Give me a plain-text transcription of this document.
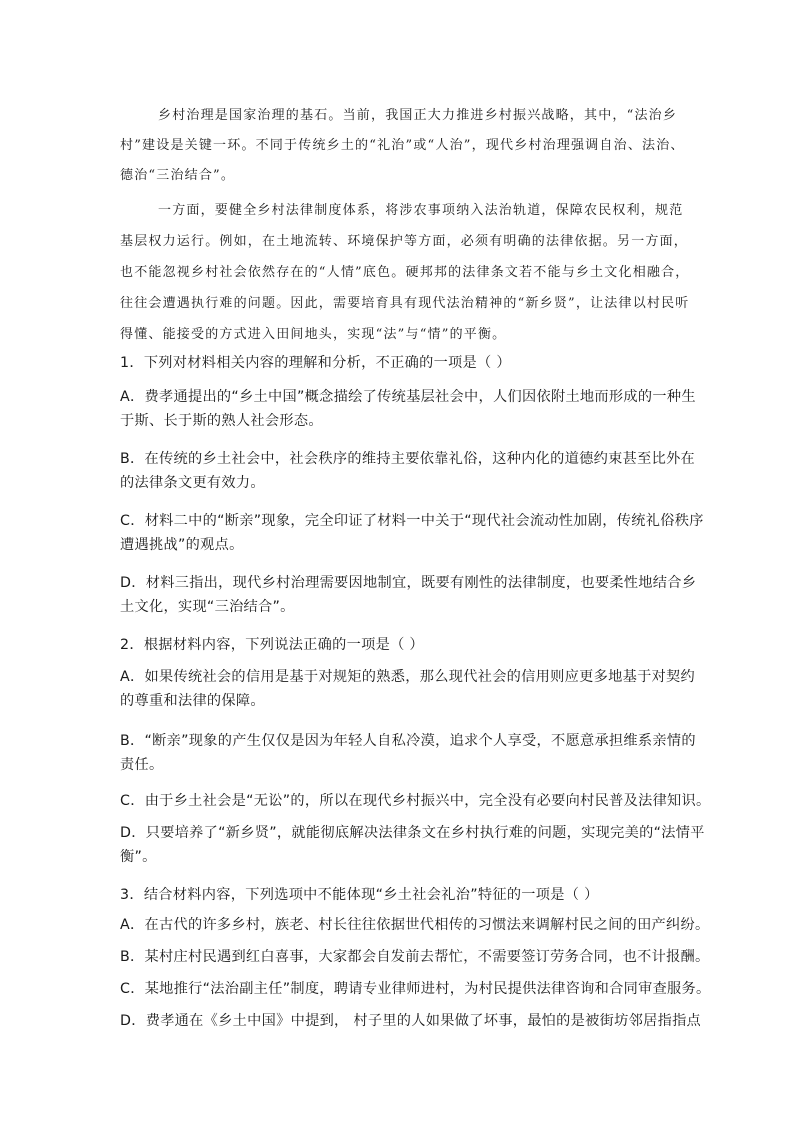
乡村治理是国家治理的基石。当前，我国正大力推进乡村振兴战略，其中，“法治乡
村”建设是关键一环。不同于传统乡土的“礼治”或“人治”，现代乡村治理强调自治、法治、
德治“三治结合”。
一方面，要健全乡村法律制度体系，将涉农事项纳入法治轨道，保障农民权利，规范
基层权力运行。例如，在土地流转、环境保护等方面，必须有明确的法律依据。另一方面，
也不能忽视乡村社会依然存在的“人情”底色。硬邦邦的法律条文若不能与乡土文化相融合，
往往会遭遇执行难的问题。因此，需要培育具有现代法治精神的“新乡贤”，让法律以村民听
得懂、能接受的方式进入田间地头，实现“法”与“情”的平衡。
1．下列对材料相关内容的理解和分析，不正确的一项是（ ）
A．费孝通提出的“乡土中国”概念描绘了传统基层社会中，人们因依附土地而形成的一种生
于斯、长于斯的熟人社会形态。
B．在传统的乡土社会中，社会秩序的维持主要依靠礼俗，这种内化的道德约束甚至比外在
的法律条文更有效力。
C．材料二中的“断亲”现象，完全印证了材料一中关于“现代社会流动性加剧，传统礼俗秩序
遭遇挑战”的观点。
D．材料三指出，现代乡村治理需要因地制宜，既要有刚性的法律制度，也要柔性地结合乡
土文化，实现“三治结合”。
2．根据材料内容，下列说法正确的一项是（ ）
A．如果传统社会的信用是基于对规矩的熟悉，那么现代社会的信用则应更多地基于对契约
的尊重和法律的保障。
B．“断亲”现象的产生仅仅是因为年轻人自私冷漠，追求个人享受，不愿意承担维系亲情的
责任。
C．由于乡土社会是“无讼”的，所以在现代乡村振兴中，完全没有必要向村民普及法律知识。
D．只要培养了“新乡贤”，就能彻底解决法律条文在乡村执行难的问题，实现完美的“法情平
衡”。
3．结合材料内容，下列选项中不能体现“乡土社会礼治”特征的一项是（ ）
A．在古代的许多乡村，族老、村长往往依据世代相传的习惯法来调解村民之间的田产纠纷。
B．某村庄村民遇到红白喜事，大家都会自发前去帮忙，不需要签订劳务合同，也不计报酬。
C．某地推行“法治副主任”制度，聘请专业律师进村，为村民提供法律咨询和合同审查服务。
D．费孝通在《乡土中国》中提到， 村子里的人如果做了坏事，最怕的是被街坊邻居指指点
